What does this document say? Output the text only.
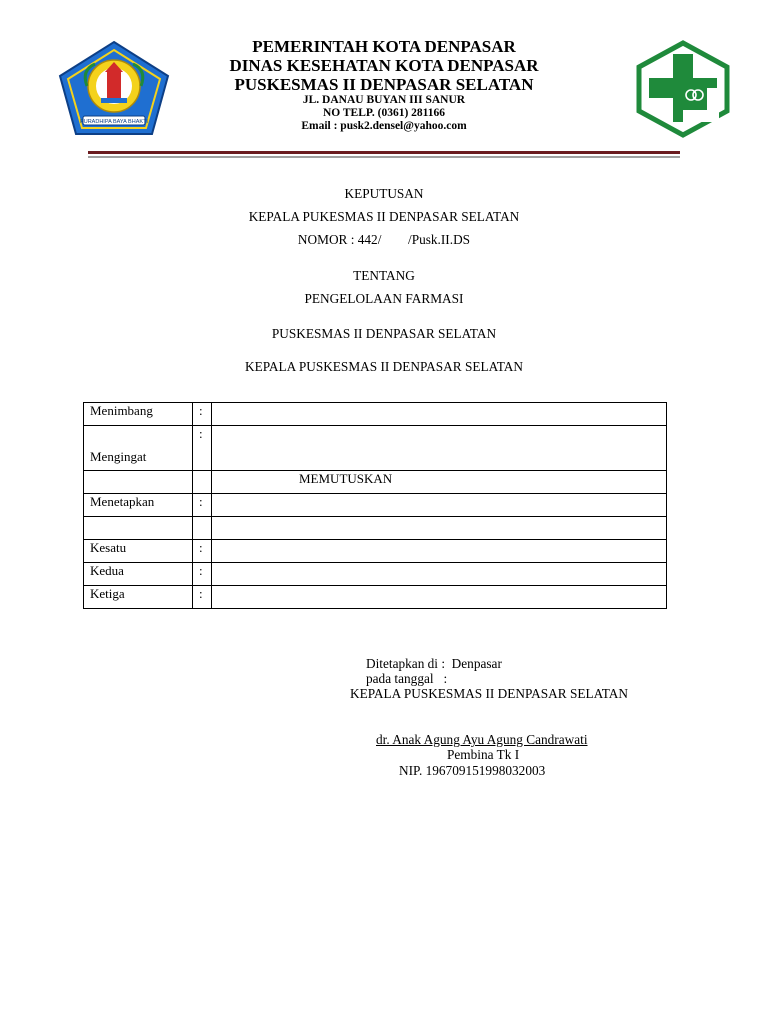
PURADHIPA BAYA BHAKTI
PEMERINTAH KOTA DENPASAR
DINAS KESEHATAN KOTA DENPASAR
PUSKESMAS II DENPASAR SELATAN
JL. DANAU BUYAN III SANUR
NO TELP. (0361) 281166
Email : pusk2.densel@yahoo.com
KEPUTUSAN
KEPALA PUKESMAS II DENPASAR SELATAN
NOMOR : 442/        /Pusk.II.DS
TENTANG
PENGELOLAAN FARMASI
PUSKESMAS II DENPASAR SELATAN
KEPALA PUSKESMAS II DENPASAR SELATAN
Menimbang	:	

Mengingat	:	

		MEMUTUSKAN

Menetapkan	:	

Kesatu	:	
Kedua	:	
Ketiga	:	
Ditetapkan di :  Denpasar
pada tanggal   :
KEPALA PUSKESMAS II DENPASAR SELATAN
dr. Anak Agung Ayu Agung Candrawati
Pembina Tk I
NIP. 196709151998032003
